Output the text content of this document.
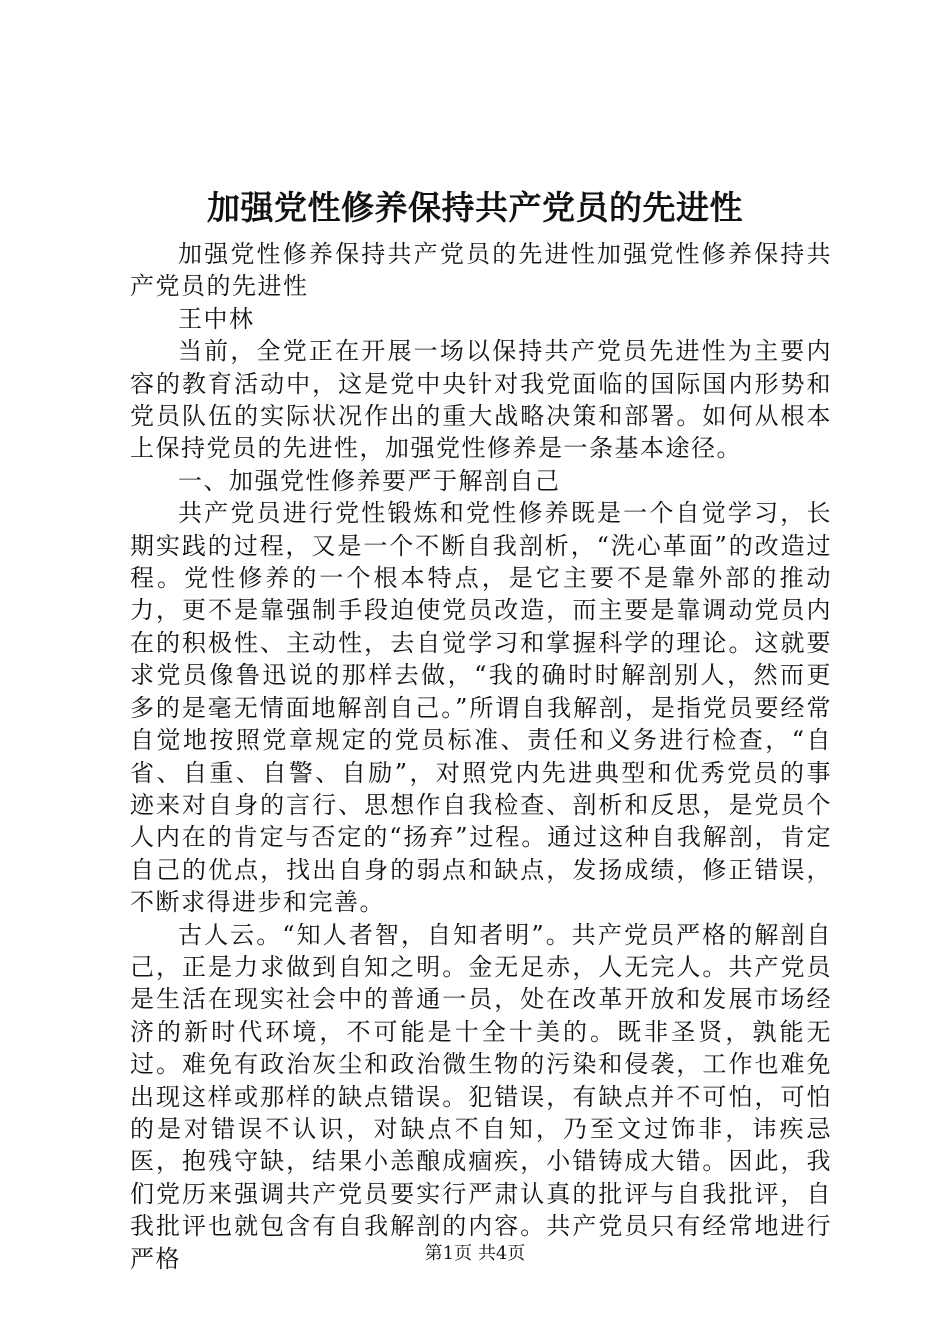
加强党性修养保持共产党员的先进性

加强党性修养保持共产党员的先进性加强党性修养保持共产党员的先进性

王中林

当前，全党正在开展一场以保持共产党员先进性为主要内容的教育活动中，这是党中央针对我党面临的国际国内形势和党员队伍的实际状况作出的重大战略决策和部署。如何从根本上保持党员的先进性，加强党性修养是一条基本途径。

一、加强党性修养要严于解剖自己

共产党员进行党性锻炼和党性修养既是一个自觉学习，长期实践的过程，又是一个不断自我剖析，“洗心革面”的改造过程。党性修养的一个根本特点，是它主要不是靠外部的推动力，更不是靠强制手段迫使党员改造，而主要是靠调动党员内在的积极性、主动性，去自觉学习和掌握科学的理论。这就要求党员像鲁迅说的那样去做，“我的确时时解剖别人，然而更多的是毫无情面地解剖自己。”所谓自我解剖，是指党员要经常自觉地按照党章规定的党员标准、责任和义务进行检查，“自省、自重、自警、自励”，对照党内先进典型和优秀党员的事迹来对自身的言行、思想作自我检查、剖析和反思，是党员个人内在的肯定与否定的“扬弃”过程。通过这种自我解剖，肯定自己的优点，找出自身的弱点和缺点，发扬成绩，修正错误，不断求得进步和完善。

古人云。“知人者智，自知者明”。共产党员严格的解剖自己，正是力求做到自知之明。金无足赤，人无完人。共产党员是生活在现实社会中的普通一员，处在改革开放和发展市场经济的新时代环境，不可能是十全十美的。既非圣贤，孰能无过。难免有政治灰尘和政治微生物的污染和侵袭，工作也难免出现这样或那样的缺点错误。犯错误，有缺点并不可怕，可怕的是对错误不认识，对缺点不自知，乃至文过饰非，讳疾忌医，抱残守缺，结果小恙酿成痼疾，小错铸成大错。因此，我们党历来强调共产党员要实行严肃认真的批评与自我批评，自我批评也就包含有自我解剖的内容。共产党员只有经常地进行严格	第1页 共4页
